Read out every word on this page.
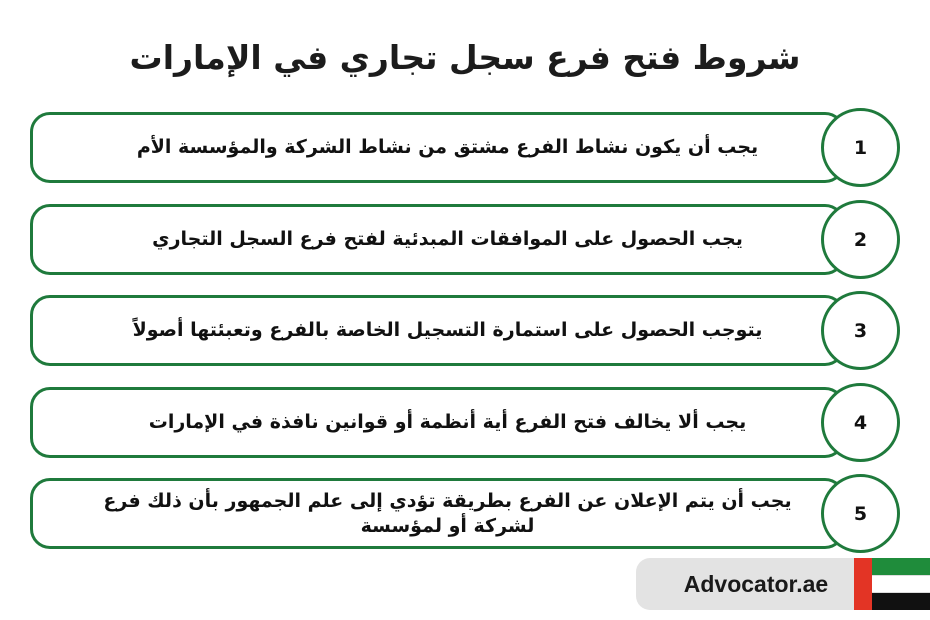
شروط فتح فرع سجل تجاري في الإمارات
يجب أن يكون نشاط الفرع مشتق من نشاط الشركة والمؤسسة الأم	1
يجب الحصول على الموافقات المبدئية لفتح فرع السجل التجاري	2
يتوجب الحصول على استمارة التسجيل الخاصة بالفرع وتعبئتها أصولاً	3
يجب ألا يخالف فتح الفرع أية أنظمة أو قوانين نافذة في الإمارات	4
يجب أن يتم الإعلان عن الفرع بطريقة تؤدي إلى علم الجمهور بأن ذلك فرع لشركة أو لمؤسسة
5
Advocator.ae
